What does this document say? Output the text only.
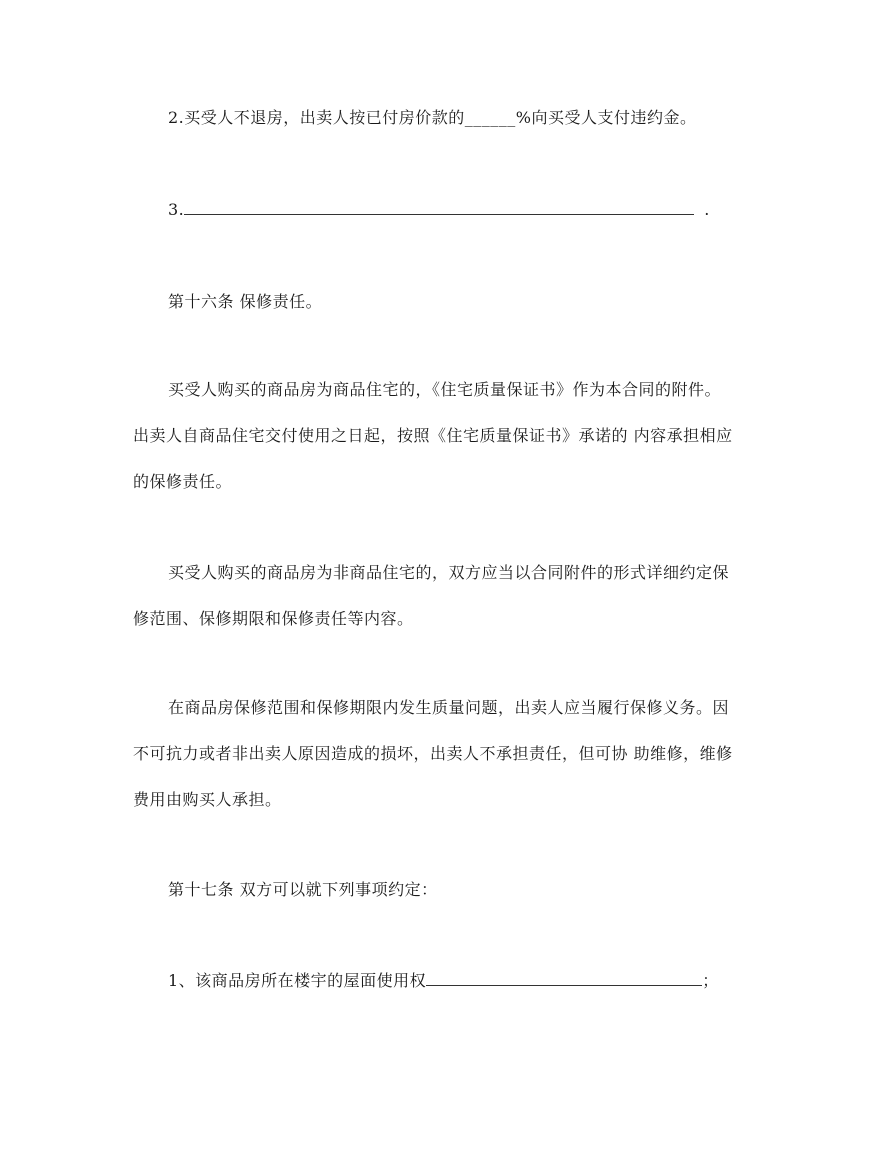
2.买受人不退房，出卖人按已付房价款的______%向买受人支付违约金。
3.	.
第十六条 保修责任。
买受人购买的商品房为商品住宅的，《住宅质量保证书》作为本合同的附件。
出卖人自商品住宅交付使用之日起，按照《住宅质量保证书》承诺的 内容承担相应
的保修责任。
买受人购买的商品房为非商品住宅的，双方应当以合同附件的形式详细约定保
修范围、保修期限和保修责任等内容。
在商品房保修范围和保修期限内发生质量问题，出卖人应当履行保修义务。因
不可抗力或者非出卖人原因造成的损坏，出卖人不承担责任，但可协 助维修，维修
费用由购买人承担。
第十七条 双方可以就下列事项约定：
1、该商品房所在楼宇的屋面使用权	；
